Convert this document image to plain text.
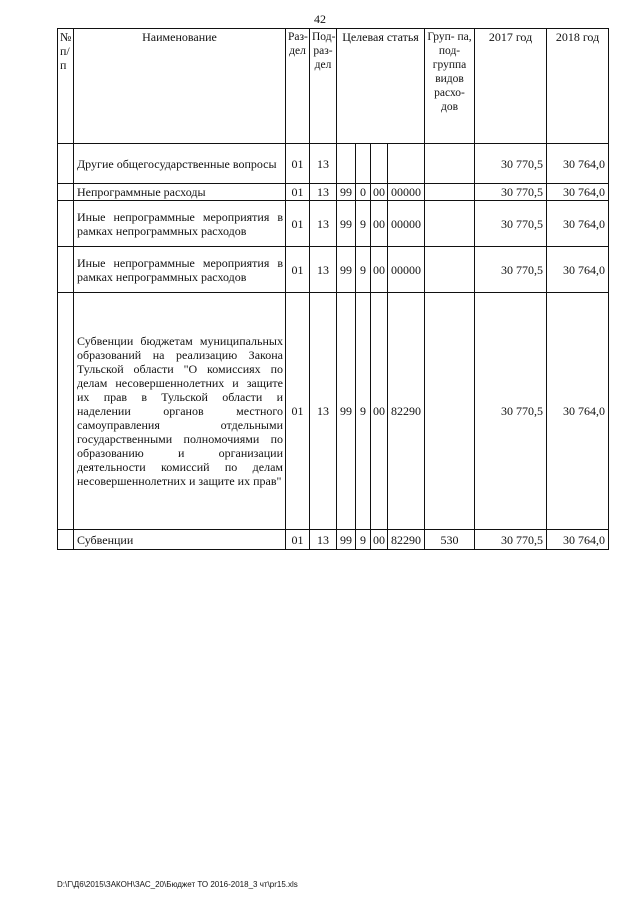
42
№ п/ п	Наименование	Раз- дел	Под- раз- дел	Целевая статья				Груп- па, под- группа видов расхо- дов	2017 год	2018 год
	Другие общегосударственные вопросы	01	13						30 770,5	30 764,0
	Непрограммные расходы	01	13	99	0	00	00000		30 770,5	30 764,0
	Иные непрограммные мероприятия в рамках непрограммных расходов	01	13	99	9	00	00000		30 770,5	30 764,0
	Иные непрограммные мероприятия в рамках непрограммных расходов	01	13	99	9	00	00000		30 770,5	30 764,0
	Субвенции бюджетам муниципальных образований на реализацию Закона Тульской области "О комиссиях по делам несовершеннолетних и защите их прав в Тульской области и наделении органов местного самоуправления отдельными государственными полномочиями по образованию и организации деятельности комиссий по делам несовершеннолетних и защите их прав"	01	13	99	9	00	82290		30 770,5	30 764,0
	Субвенции	01	13	99	9	00	82290	530	30 770,5	30 764,0
D:\Г\Д6\2015\ЗАКОН\ЗАС_20\Бюджет ТО 2016-2018_3 чт\pr15.xls
